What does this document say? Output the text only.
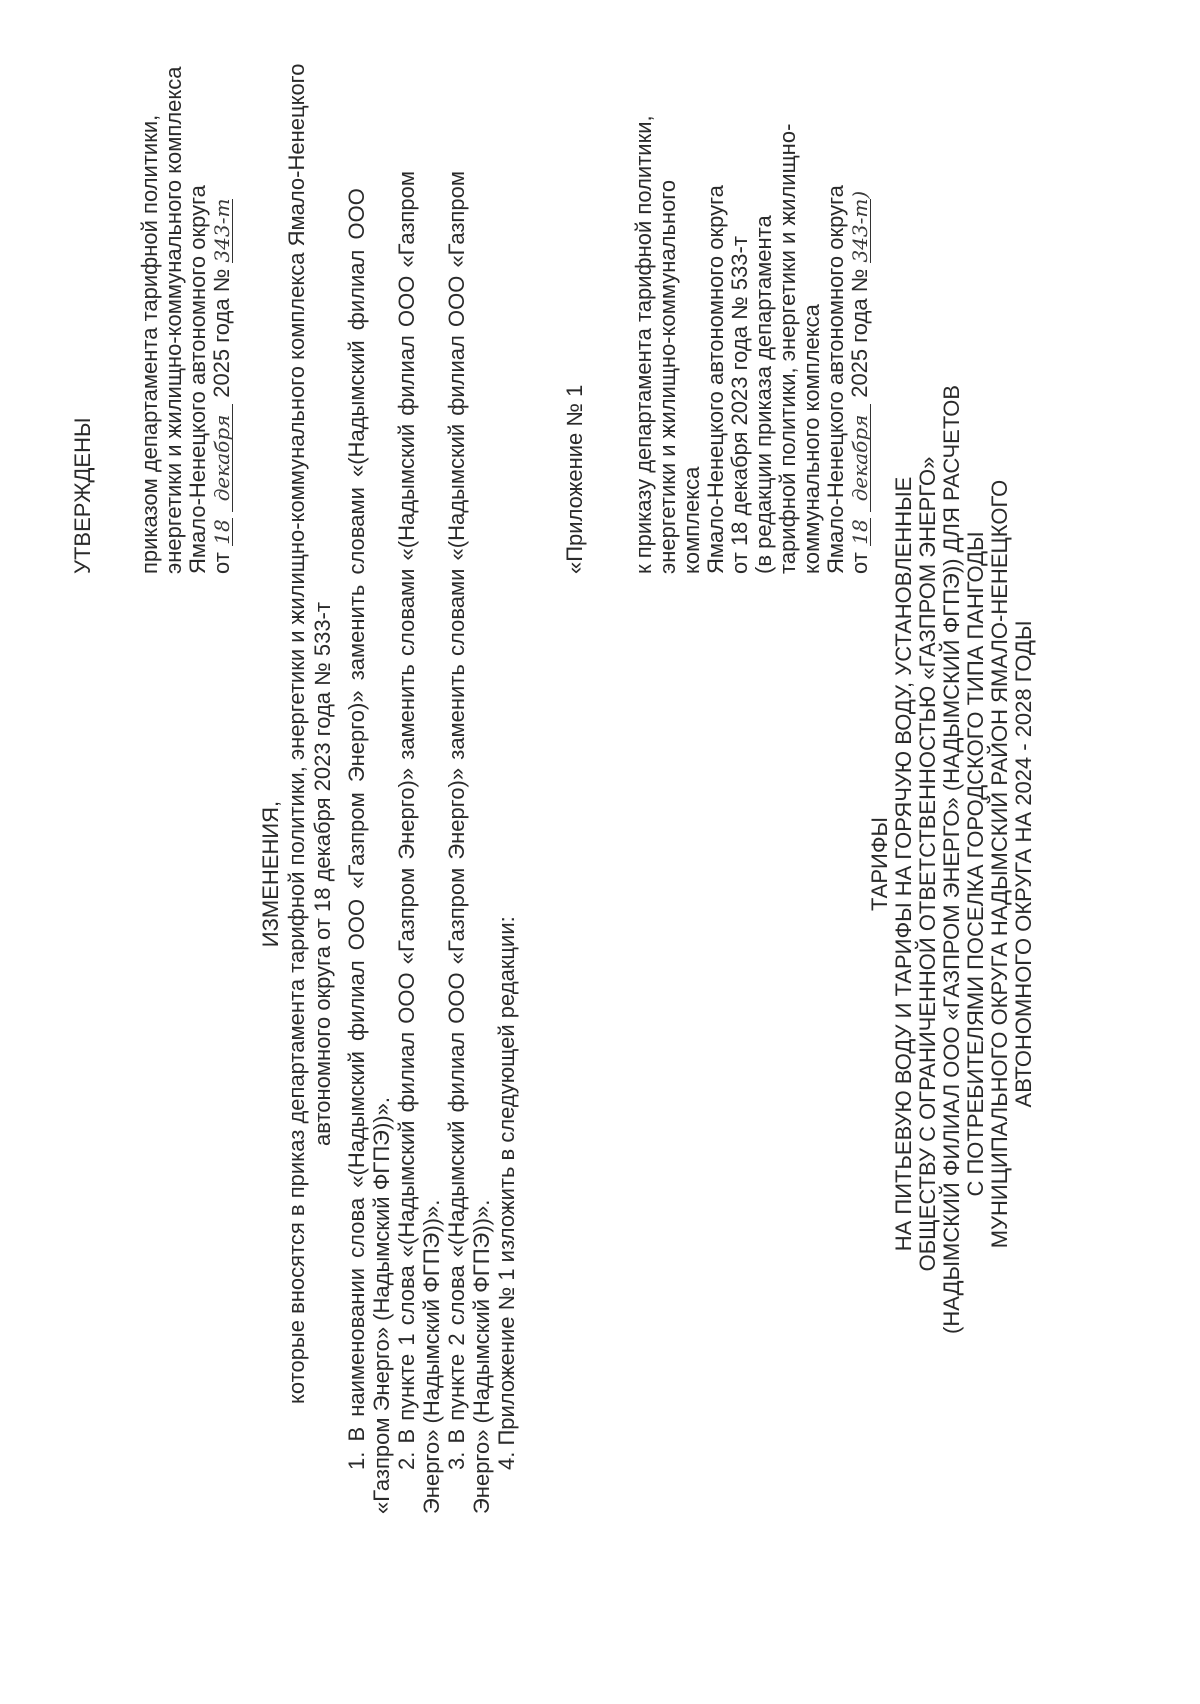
УТВЕРЖДЕНЫ приказом департамента тарифной политики, энергетики и жилищно-коммунального комплекса Ямало-Ненецкого автономного округа от 18 декабря 2025 года № 343-т
ИЗМЕНЕНИЯ, которые вносятся в приказ департамента тарифной политики, энергетики и жилищно-коммунального комплекса Ямало-Ненецкого автономного округа от 18 декабря 2023 года № 533-т 1. В наименовании слова «(Надымский филиал ООО «Газпром Энерго)» заменить словами «(Надымский филиал ООО «Газпром Энерго» (Надымский ФГПЭ))». 2. В пункте 1 слова «(Надымский филиал ООО «Газпром Энерго)» заменить словами «(Надымский филиал ООО «Газпром Энерго» (Надымский ФГПЭ))». 3. В пункте 2 слова «(Надымский филиал ООО «Газпром Энерго)» заменить словами «(Надымский филиал ООО «Газпром Энерго» (Надымский ФГПЭ))». 4. Приложение № 1 изложить в следующей редакции:
«Приложение № 1 к приказу департамента тарифной политики, энергетики и жилищно-коммунального комплекса Ямало-Ненецкого автономного округа от 18 декабря 2023 года № 533-т (в редакции приказа департамента тарифной политики, энергетики и жилищно- коммунального комплекса Ямало-Ненецкого автономного округа от 18 декабря 2025 года № 343-т)
ТАРИФЫ НА ПИТЬЕВУЮ ВОДУ И ТАРИФЫ НА ГОРЯЧУЮ ВОДУ, УСТАНОВЛЕННЫЕ ОБЩЕСТВУ С ОГРАНИЧЕННОЙ ОТВЕТСТВЕННОСТЬЮ «ГАЗПРОМ ЭНЕРГО» (НАДЫМСКИЙ ФИЛИАЛ ООО «ГАЗПРОМ ЭНЕРГО» (НАДЫМСКИЙ ФГПЭ)) ДЛЯ РАСЧЕТОВ С ПОТРЕБИТЕЛЯМИ ПОСЕЛКА ГОРОДСКОГО ТИПА ПАНГОДЫ МУНИЦИПАЛЬНОГО ОКРУГА НАДЫМСКИЙ РАЙОН ЯМАЛО-НЕНЕЦКОГО АВТОНОМНОГО ОКРУГА НА 2024 - 2028 ГОДЫ
